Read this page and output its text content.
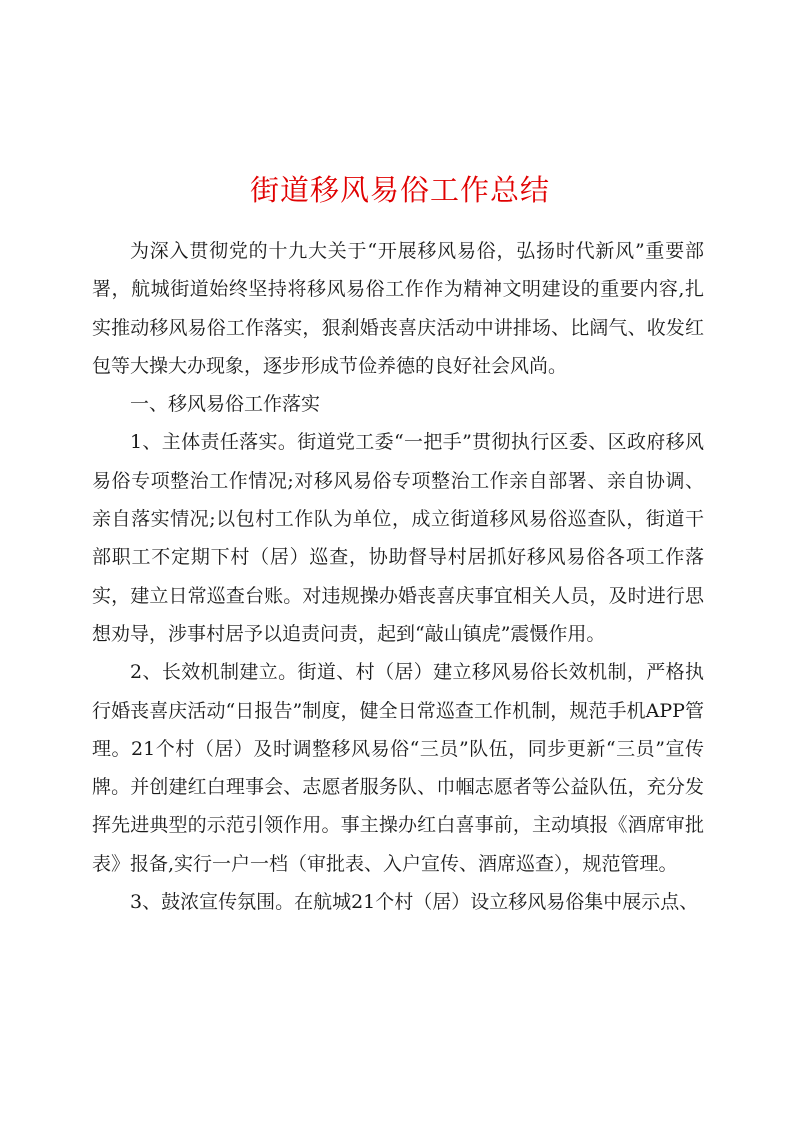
街道移风易俗工作总结

为深入贯彻党的十九大关于“开展移风易俗，弘扬时代新风”重要部署，航城街道始终坚持将移风易俗工作作为精神文明建设的重要内容,扎实推动移风易俗工作落实，狠刹婚丧喜庆活动中讲排场、比阔气、收发红包等大操大办现象，逐步形成节俭养德的良好社会风尚。

一、移风易俗工作落实

1、主体责任落实。街道党工委“一把手”贯彻执行区委、区政府移风易俗专项整治工作情况;对移风易俗专项整治工作亲自部署、亲自协调、亲自落实情况;以包村工作队为单位，成立街道移风易俗巡查队，街道干部职工不定期下村（居）巡查，协助督导村居抓好移风易俗各项工作落实，建立日常巡查台账。对违规操办婚丧喜庆事宜相关人员，及时进行思想劝导，涉事村居予以追责问责，起到“敲山镇虎”震慑作用。

2、长效机制建立。街道、村（居）建立移风易俗长效机制，严格执行婚丧喜庆活动“日报告”制度，健全日常巡查工作机制，规范手机APP管理。21个村（居）及时调整移风易俗“三员”队伍，同步更新“三员”宣传牌。并创建红白理事会、志愿者服务队、巾帼志愿者等公益队伍，充分发挥先进典型的示范引领作用。事主操办红白喜事前，主动填报《酒席审批表》报备,实行一户一档（审批表、入户宣传、酒席巡查），规范管理。

3、鼓浓宣传氛围。在航城21个村（居）设立移风易俗集中展示点、
